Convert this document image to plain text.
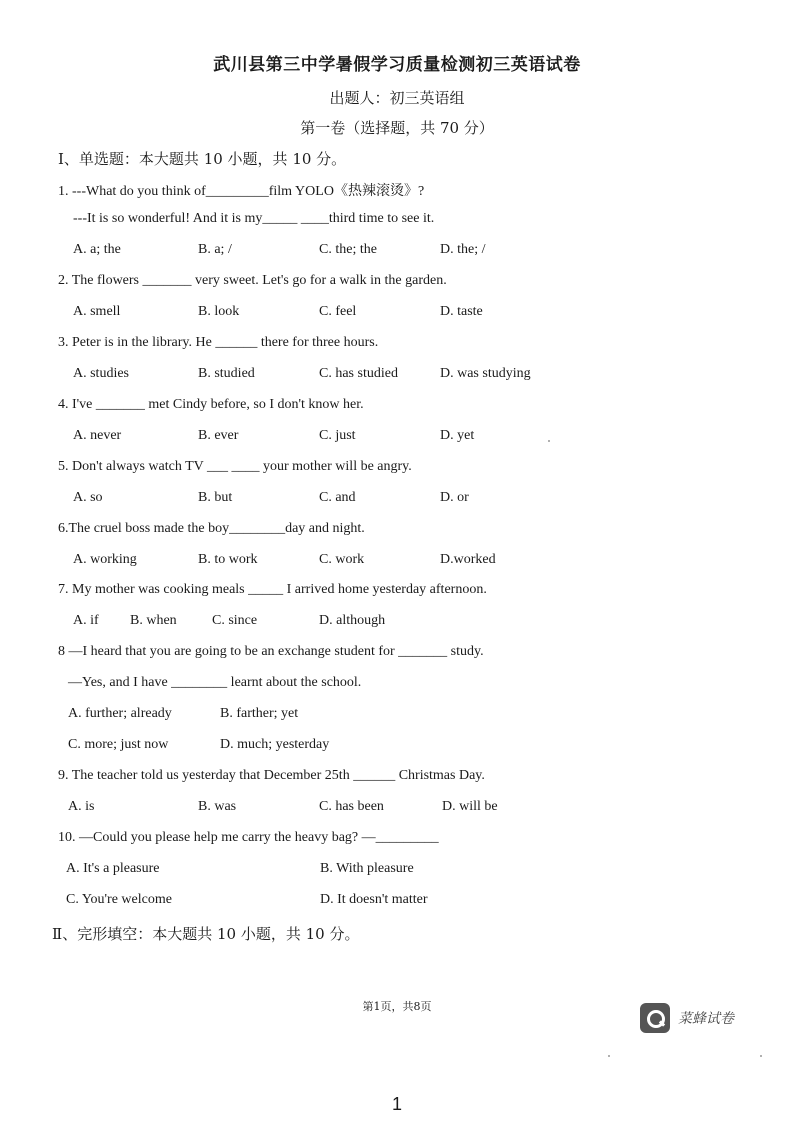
武川县第三中学暑假学习质量检测初三英语试卷
出题人：初三英语组
第一卷（选择题，共 70 分）
Ⅰ、单选题：本大题共 10 小题，共 10 分。
1. ---What do you think of_________film YOLO《热辣滚烫》?
---It is so wonderful! And it is my_____ ____third time to see it.
A. a; the	B. a; /	C. the; the	D. the; /
2. The flowers _______ very sweet. Let's go for a walk in the garden.
A. smell	B. look	C. feel	D. taste
3. Peter is in the library. He ______ there for three hours.
A. studies	B. studied	C. has studied	D. was studying
4. I've _______ met Cindy before, so I don't know her.
A. never	B. ever	C. just	D. yet
5. Don't always watch TV ___ ____ your mother will be angry.
A. so	B. but	C. and	D. or
6.The cruel boss made the boy________day and night.
A. working	B. to work	C. work	D.worked
7. My mother was cooking meals _____ I arrived home yesterday afternoon.
A. if B. when	C. since	D. although
8 —I heard that you are going to be an exchange student for _______ study.
—Yes, and I have ________ learnt about the school.
A. further; already	B. farther; yet
C. more; just now	D. much; yesterday
9. The teacher told us yesterday that December 25th ______ Christmas Day.
A. is	B. was	C. has been	D. will be
10. —Could you please help me carry the heavy bag? —_________
A. It's a pleasure	B. With pleasure
C. You're welcome	D. It doesn't matter
Ⅱ、完形填空：本大题共 10 小题，共 10 分。
第1页，共8页
菜蜂试卷
1
